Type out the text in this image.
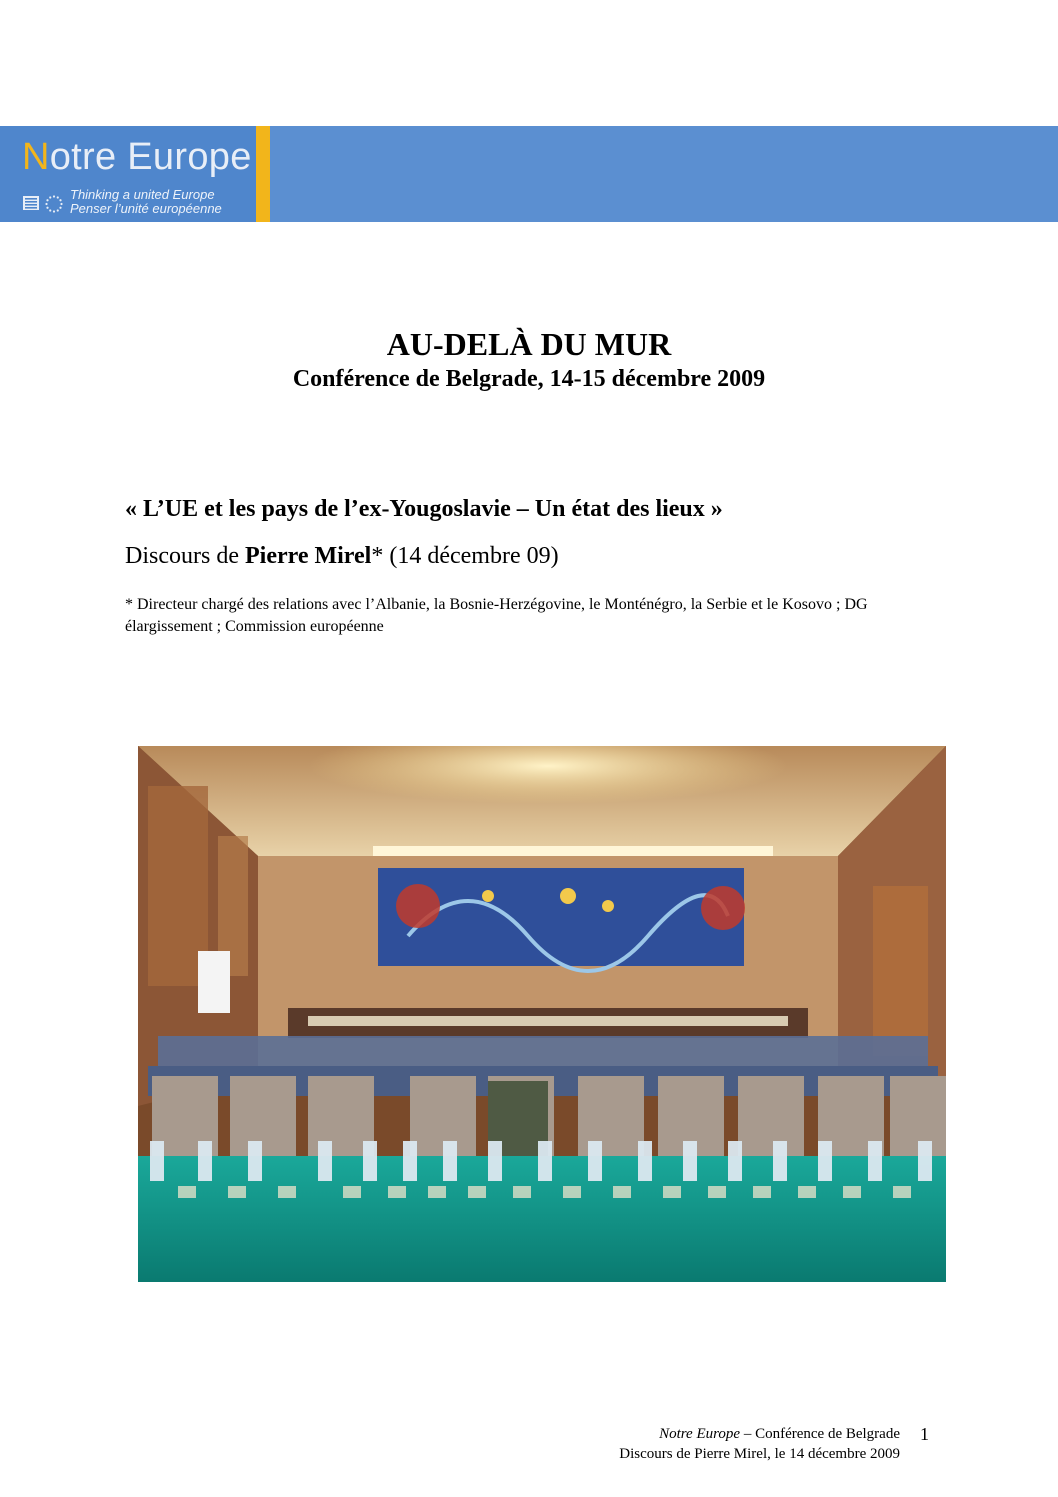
Notre Europe
Thinking a united Europe
Penser l’unité européenne
AU-DELÀ DU MUR
Conférence de Belgrade, 14-15 décembre 2009
« L’UE et les pays de l’ex-Yougoslavie – Un état des lieux »
Discours de Pierre Mirel* (14 décembre 09)
* Directeur chargé des relations avec l’Albanie, la Bosnie-Herzégovine, le Monténégro, la Serbie et le Kosovo ; DG élargissement ; Commission européenne
Notre Europe – Conférence de Belgrade
Discours de Pierre Mirel, le 14 décembre 2009
1
